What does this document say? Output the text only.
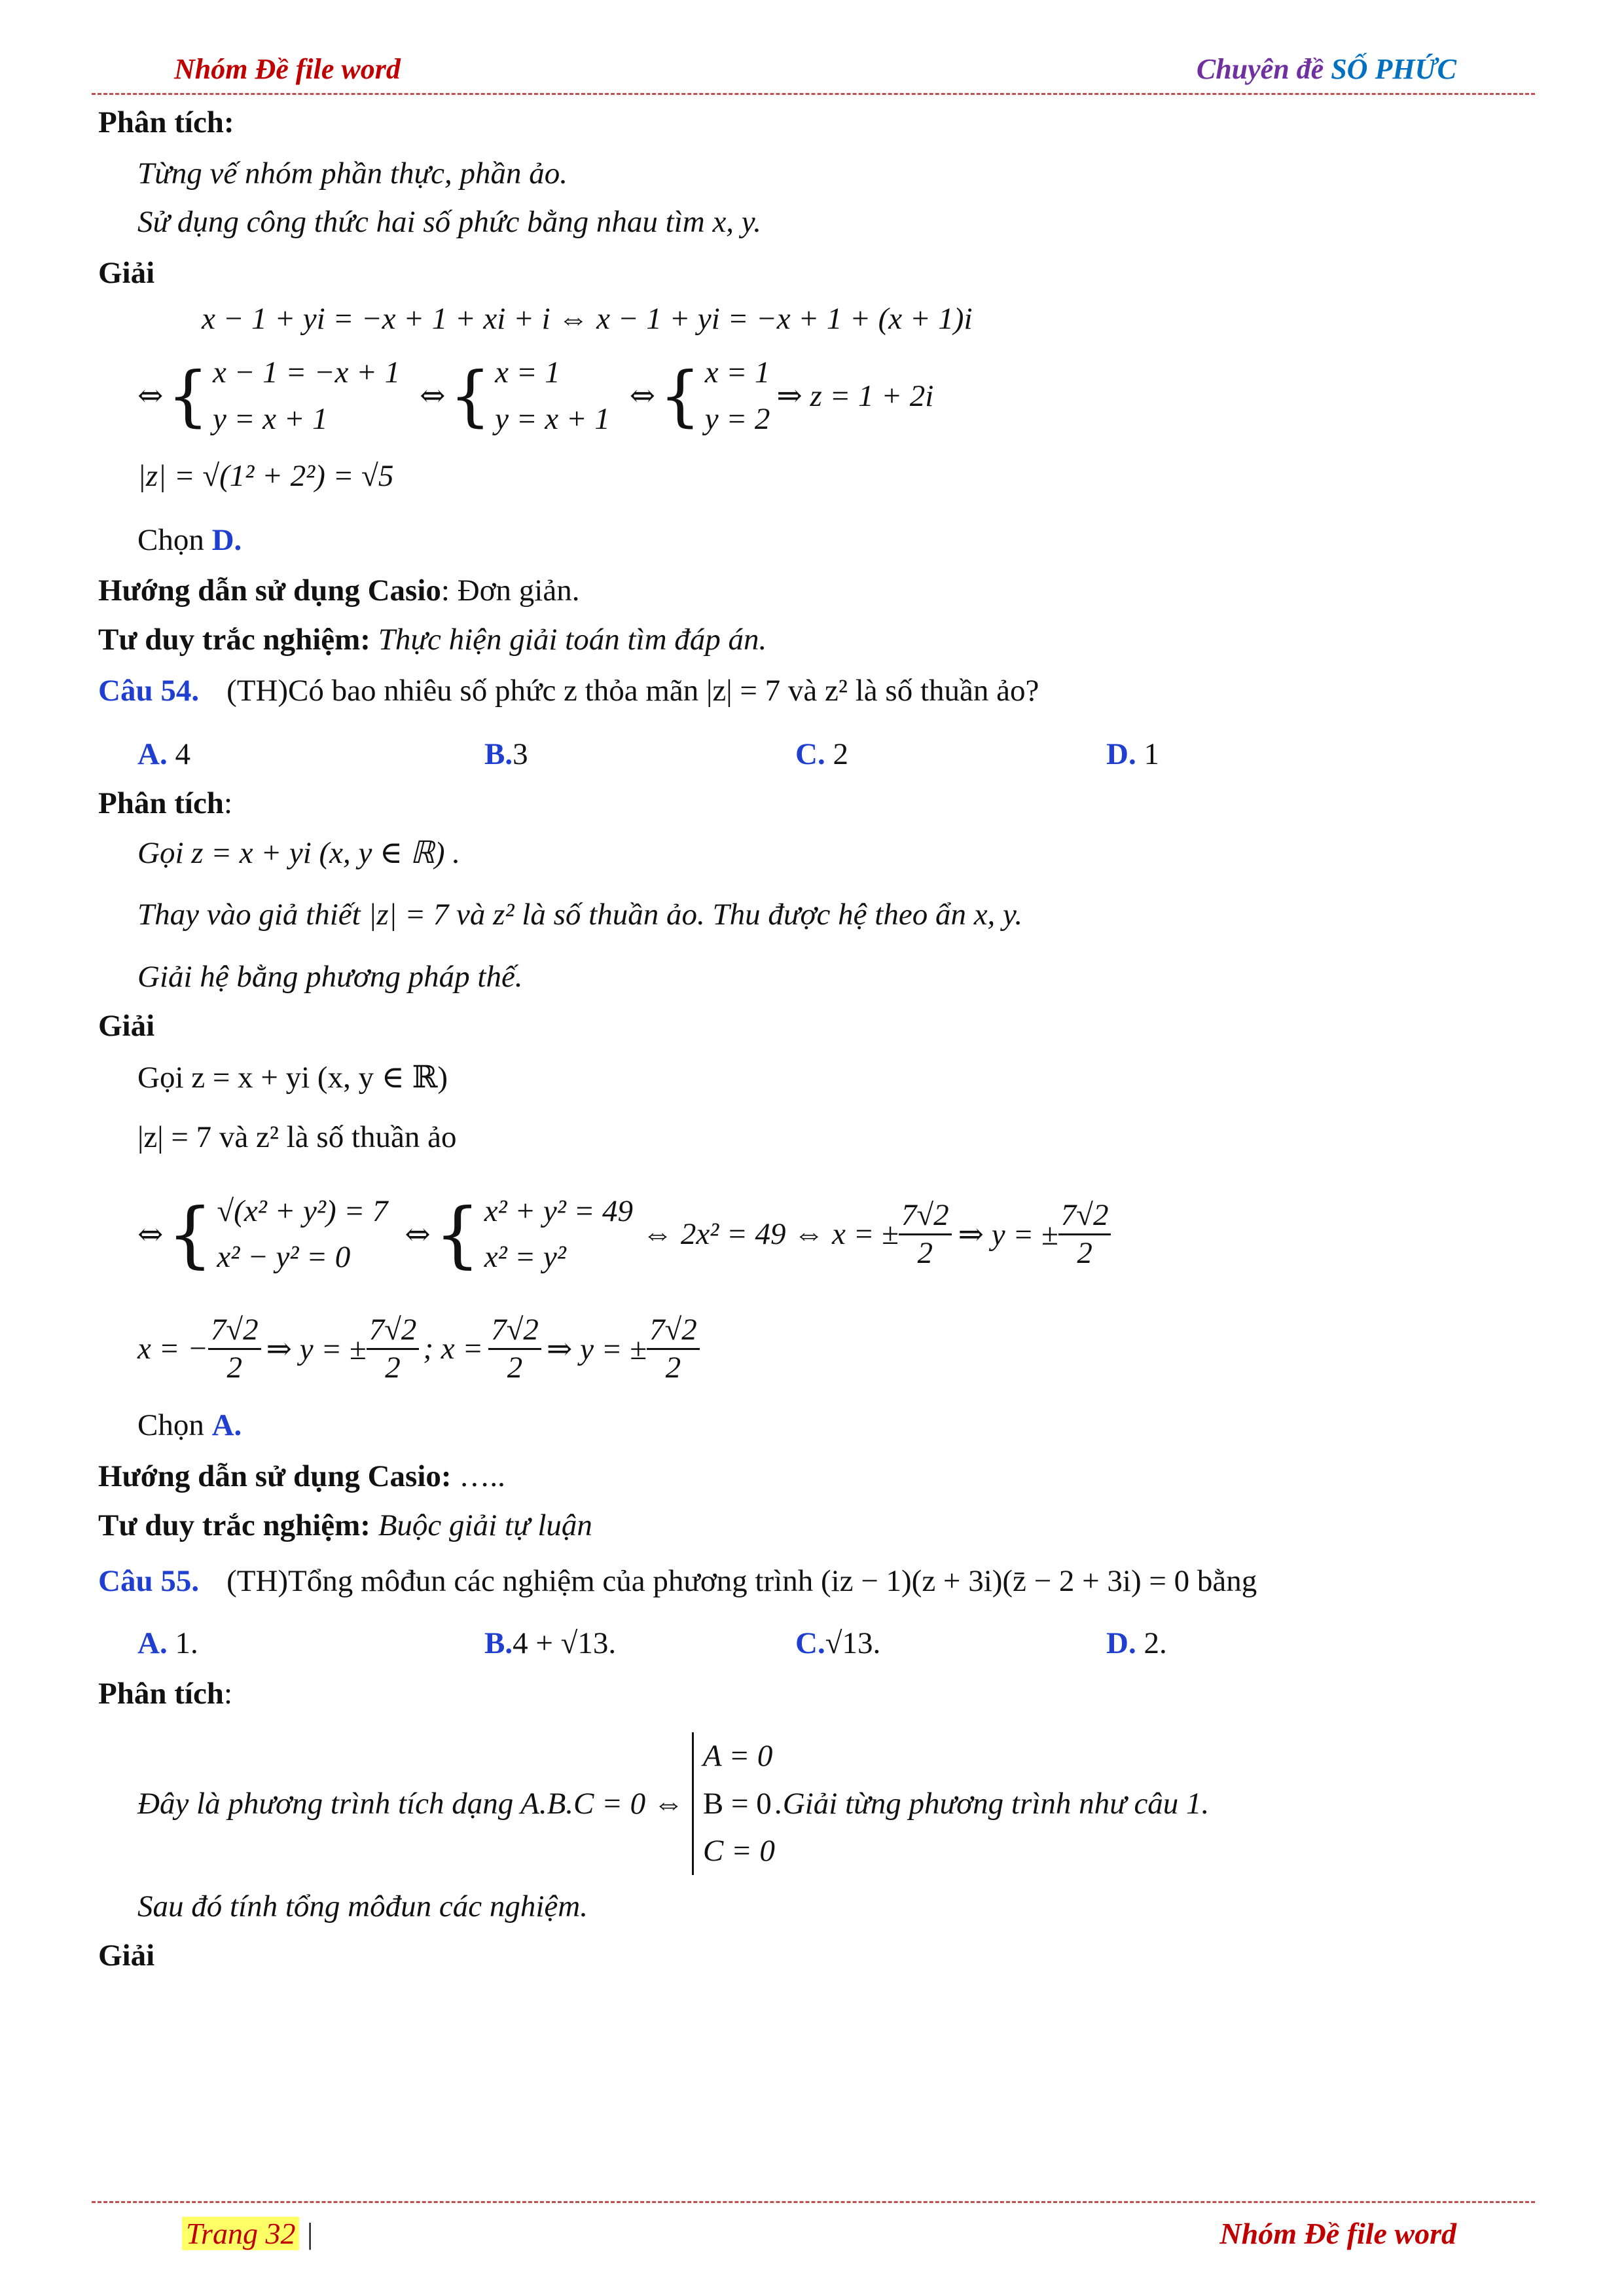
Nhóm Đề file word	Chuyên đề SỐ PHỨC
Phân tích:
Từng vế nhóm phần thực, phần ảo.
Sử dụng công thức hai số phức bằng nhau tìm x, y.
Giải
x − 1 + yi = −x + 1 + xi + i ⇔ x − 1 + yi = −x + 1 + (x + 1)i
⇔ { x − 1 = −x + 1
y = x + 1
⇔ { x = 1
y = x + 1
⇔ { x = 1
y = 2
⇒ z = 1 + 2i
|z| = √(1² + 2²) = √5
Chọn D.
Hướng dẫn sử dụng Casio: Đơn giản.
Tư duy trắc nghiệm: Thực hiện giải toán tìm đáp án.
Câu 54. (TH)Có bao nhiêu số phức z thỏa mãn |z| = 7 và z² là số thuần ảo?
A. 4	B.3	C. 2	D. 1
Phân tích:
Gọi z = x + yi (x, y ∈ ℝ) .
Thay vào giả thiết |z| = 7 và z² là số thuần ảo. Thu được hệ theo ẩn x, y.
Giải hệ bằng phương pháp thế.
Giải
Gọi z = x + yi (x, y ∈ ℝ)
|z| = 7 và z² là số thuần ảo
⇔ { √(x² + y²) = 7
x² − y² = 0
⇔ { x² + y² = 49
x² = y²
⇔ 2x² = 49 ⇔ x = ± $\frac{7√2}{2}$ ⇒ y = ± $\frac{7√2}{2}$
x = − $\frac{7√2}{2}$ ⇒ y = ± $\frac{7√2}{2}$ ; $x = \frac{7√2}{2}$ ⇒ y = ± $\frac{7√2}{2}$
Chọn A.
Hướng dẫn sử dụng Casio: …..
Tư duy trắc nghiệm: Buộc giải tự luận
Câu 55. (TH)Tổng môđun các nghiệm của phương trình (iz − 1)(z + 3i)(z̄ − 2 + 3i) = 0 bằng
A. 1.	B.4 + √13.	C.√13.	D. 2.
Phân tích:
Đây là phương trình tích dạng A.B.C = 0 ⇔
A = 0
B = 0
C = 0
.Giải từng phương trình như câu 1.
Sau đó tính tổng môđun các nghiệm.
Giải
Trang 32 |	Nhóm Đề file word
